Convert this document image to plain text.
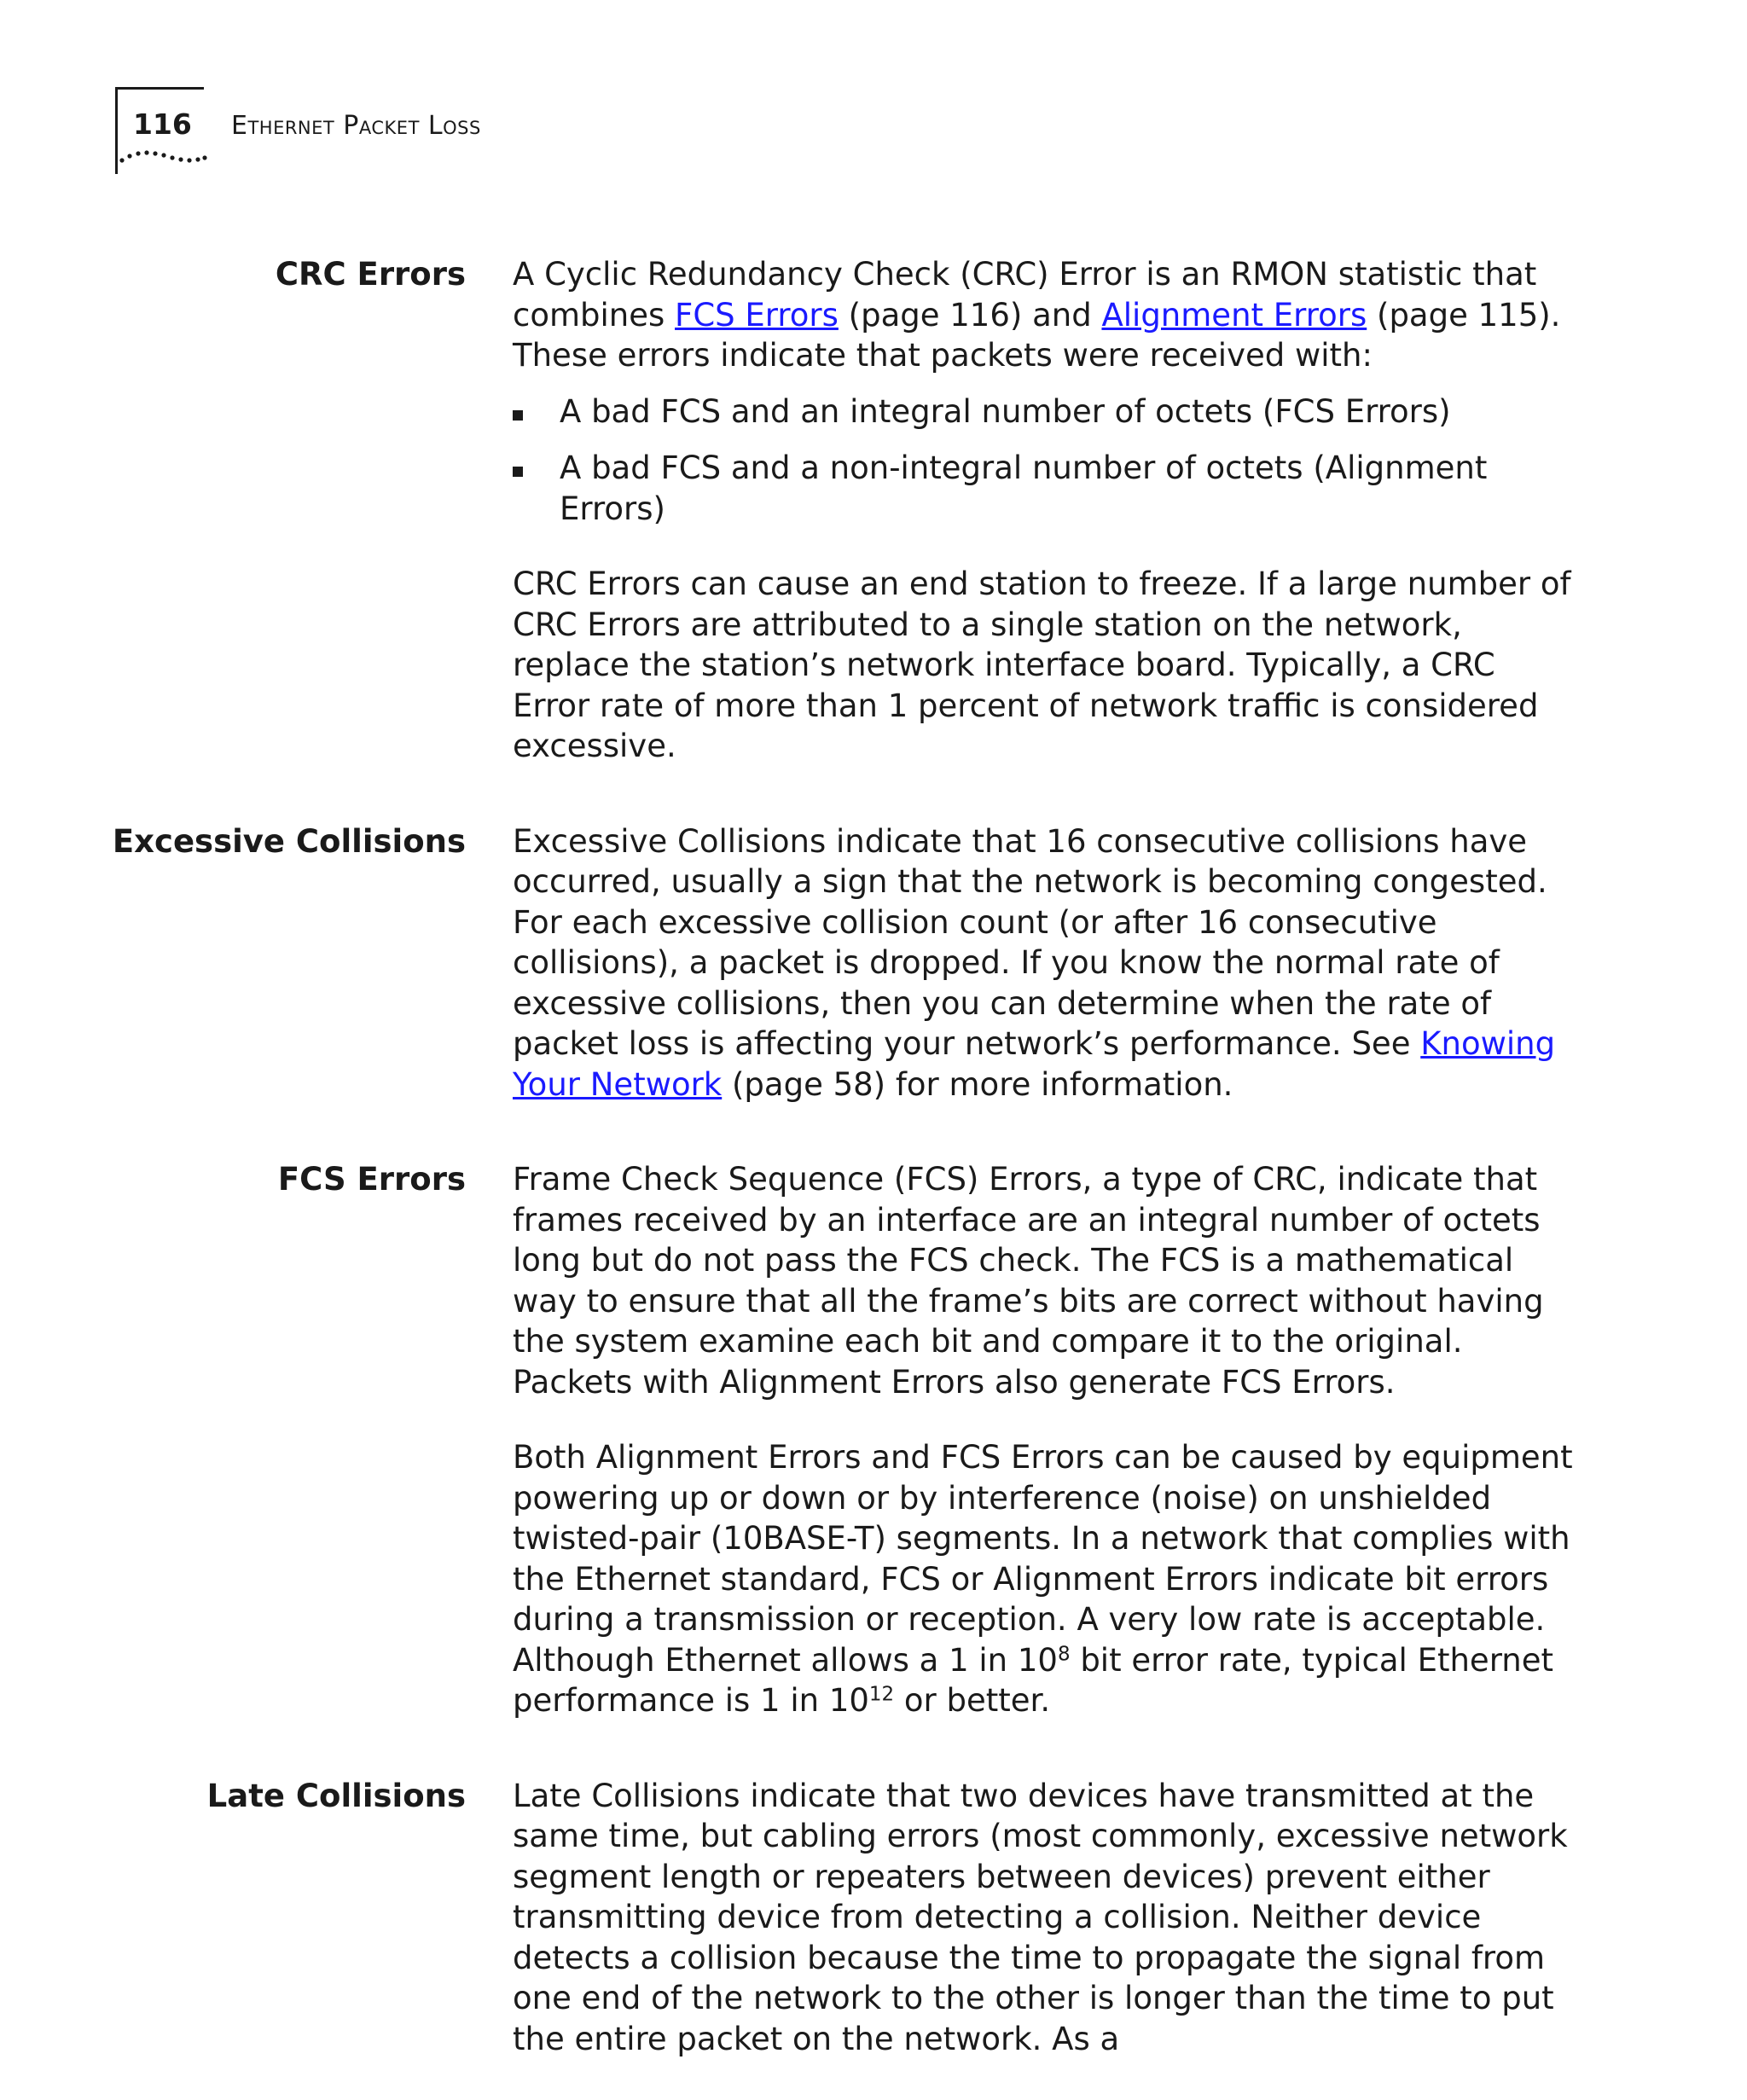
116 Ethernet Packet Loss
CRC Errors A Cyclic Redundancy Check (CRC) Error is an RMON statistic that combines FCS Errors (page 116) and Alignment Errors (page 115). These errors indicate that packets were received with:

A bad FCS and an integral number of octets (FCS Errors)
A bad FCS and a non-integral number of octets (Alignment Errors)

CRC Errors can cause an end station to freeze. If a large number of CRC Errors are attributed to a single station on the network, replace the station’s network interface board. Typically, a CRC Error rate of more than 1 percent of network traffic is considered excessive.

Excessive Collisions Excessive Collisions indicate that 16 consecutive collisions have occurred, usually a sign that the network is becoming congested. For each excessive collision count (or after 16 consecutive collisions), a packet is dropped. If you know the normal rate of excessive collisions, then you can determine when the rate of packet loss is affecting your network’s performance. See Knowing Your Network (page 58) for more information.

FCS Errors Frame Check Sequence (FCS) Errors, a type of CRC, indicate that frames received by an interface are an integral number of octets long but do not pass the FCS check. The FCS is a mathematical way to ensure that all the frame’s bits are correct without having the system examine each bit and compare it to the original. Packets with Alignment Errors also generate FCS Errors.

Both Alignment Errors and FCS Errors can be caused by equipment powering up or down or by interference (noise) on unshielded twisted-pair (10BASE-T) segments. In a network that complies with the Ethernet standard, FCS or Alignment Errors indicate bit errors during a transmission or reception. A very low rate is acceptable. Although Ethernet allows a 1 in $10^8$ bit error rate, typical Ethernet performance is 1 in $10^{12}$ or better.

Late Collisions Late Collisions indicate that two devices have transmitted at the same time, but cabling errors (most commonly, excessive network segment length or repeaters between devices) prevent either transmitting device from detecting a collision. Neither device detects a collision because the time to propagate the signal from one end of the network to the other is longer than the time to put the entire packet on the network. As a
